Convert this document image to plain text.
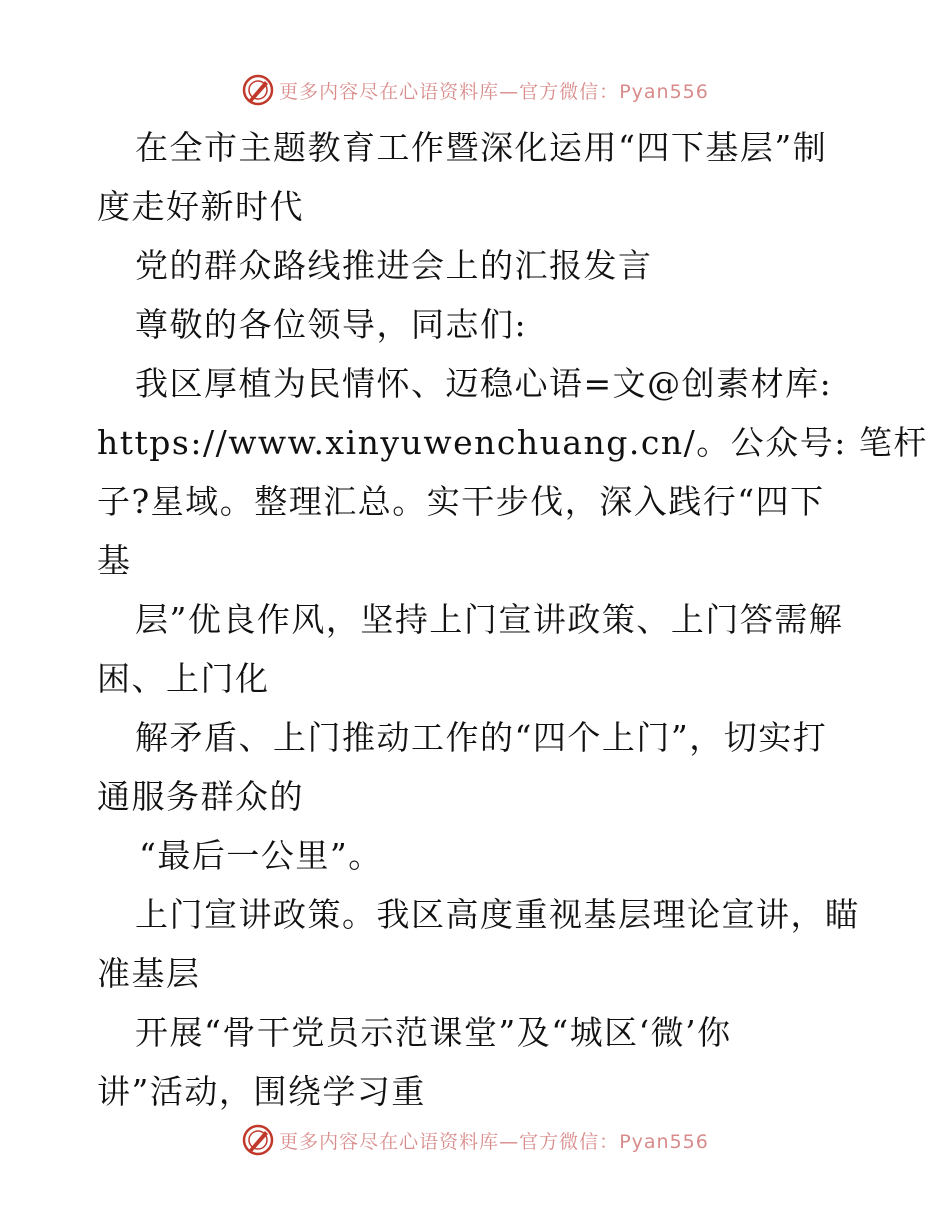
更多内容尽在心语资料库—官方微信：Pyan556
在全市主题教育工作暨深化运用“四下基层”制
度走好新时代
党的群众路线推进会上的汇报发言
尊敬的各位领导，同志们:
我区厚植为民情怀、迈稳心语=文@创素材库:
https://www.xinyuwenchuang.cn/。公众号: 笔杆
子?星域。整理汇总。实干步伐，深入践行“四下
基
层”优良作风，坚持上门宣讲政策、上门答需解
困、上门化
解矛盾、上门推动工作的“四个上门”，切实打
通服务群众的
“最后一公里”。
上门宣讲政策。我区高度重视基层理论宣讲，瞄
准基层
开展“骨干党员示范课堂”及“城区‘微’你
讲”活动，围绕学习重
更多内容尽在心语资料库—官方微信：Pyan556
